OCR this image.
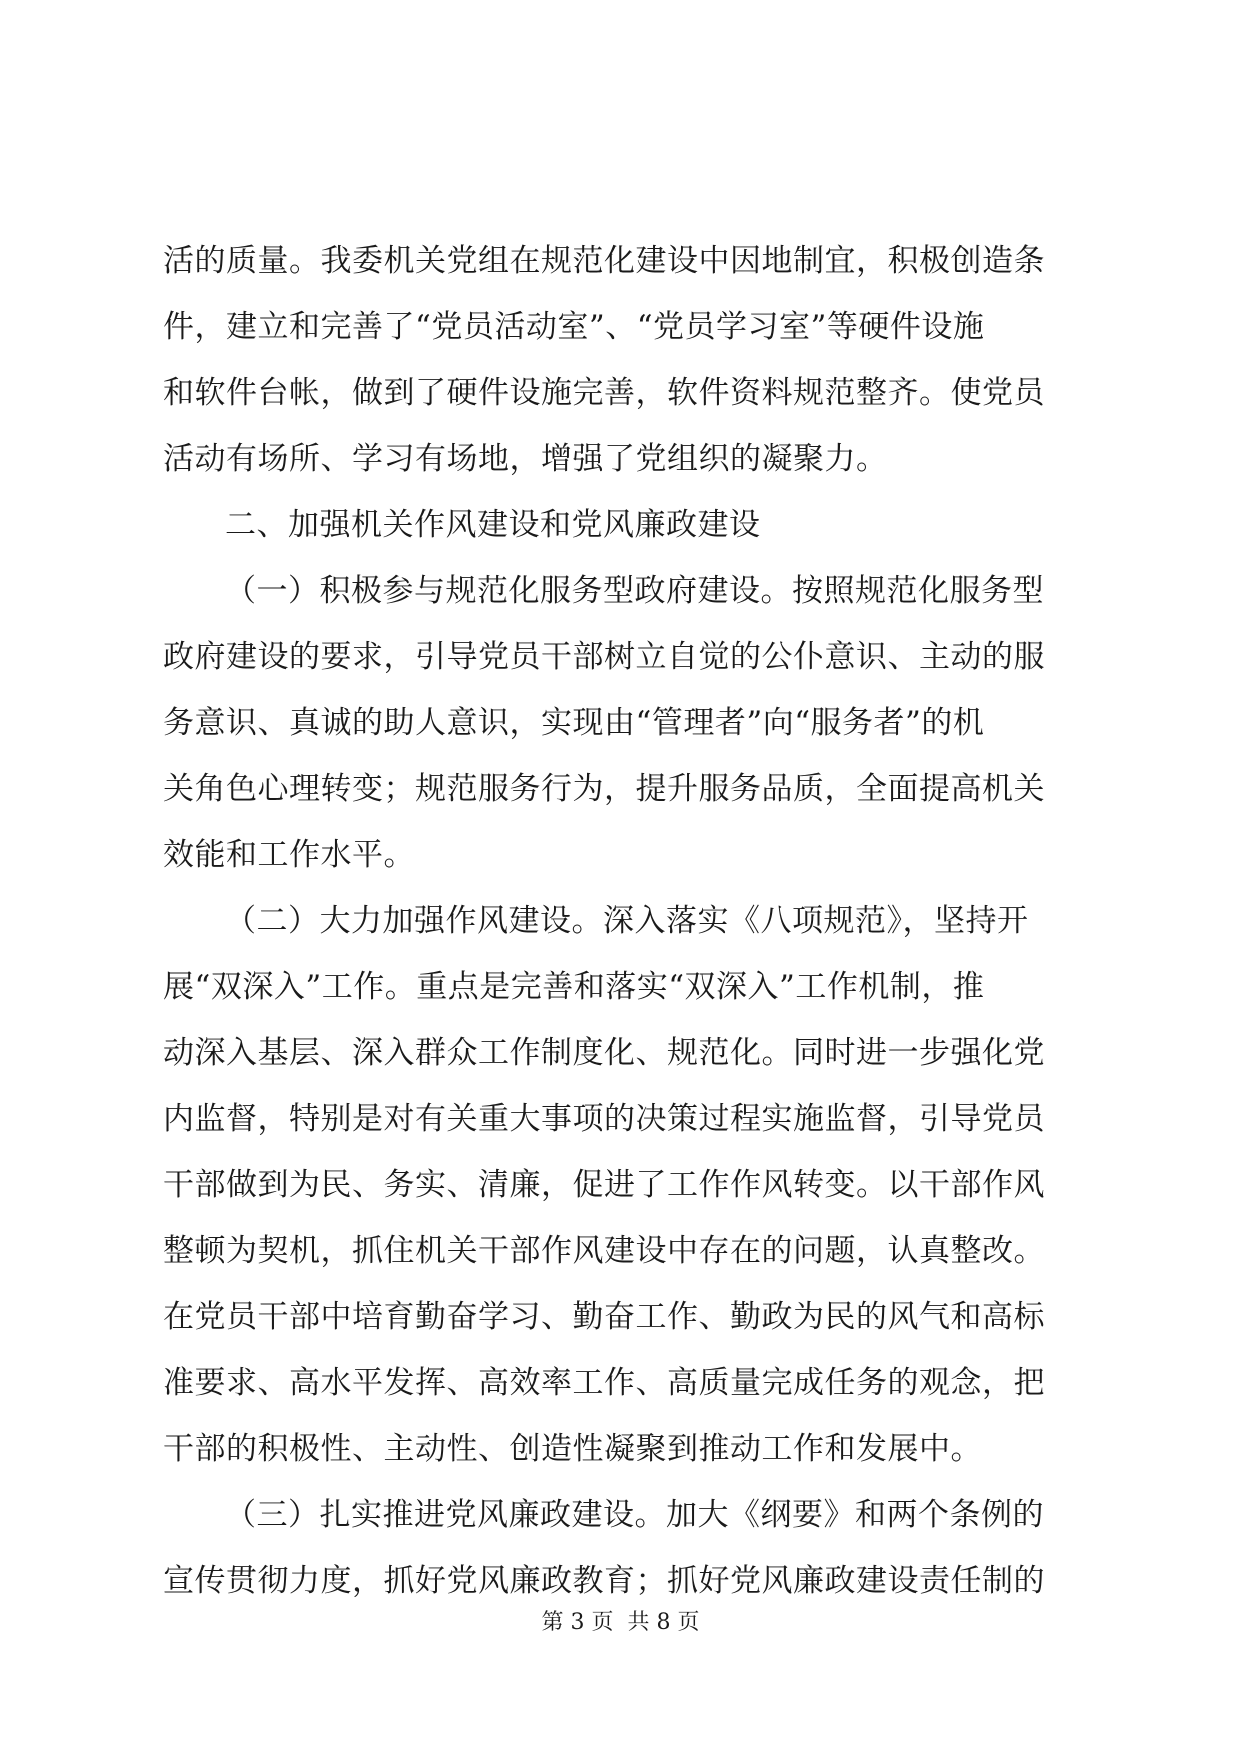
活的质量。我委机关党组在规范化建设中因地制宜，积极创造条
件，建立和完善了“党员活动室”、“党员学习室”等硬件设施
和软件台帐，做到了硬件设施完善，软件资料规范整齐。使党员
活动有场所、学习有场地，增强了党组织的凝聚力。
二、加强机关作风建设和党风廉政建设
（一）积极参与规范化服务型政府建设。按照规范化服务型
政府建设的要求，引导党员干部树立自觉的公仆意识、主动的服
务意识、真诚的助人意识，实现由“管理者”向“服务者”的机
关角色心理转变；规范服务行为，提升服务品质，全面提高机关
效能和工作水平。
（二）大力加强作风建设。深入落实《八项规范》，坚持开
展“双深入”工作。重点是完善和落实“双深入”工作机制，推
动深入基层、深入群众工作制度化、规范化。同时进一步强化党
内监督，特别是对有关重大事项的决策过程实施监督，引导党员
干部做到为民、务实、清廉，促进了工作作风转变。以干部作风
整顿为契机，抓住机关干部作风建设中存在的问题，认真整改。
在党员干部中培育勤奋学习、勤奋工作、勤政为民的风气和高标
准要求、高水平发挥、高效率工作、高质量完成任务的观念，把
干部的积极性、主动性、创造性凝聚到推动工作和发展中。
（三）扎实推进党风廉政建设。加大《纲要》和两个条例的
宣传贯彻力度，抓好党风廉政教育；抓好党风廉政建设责任制的
第 3 页  共 8 页
